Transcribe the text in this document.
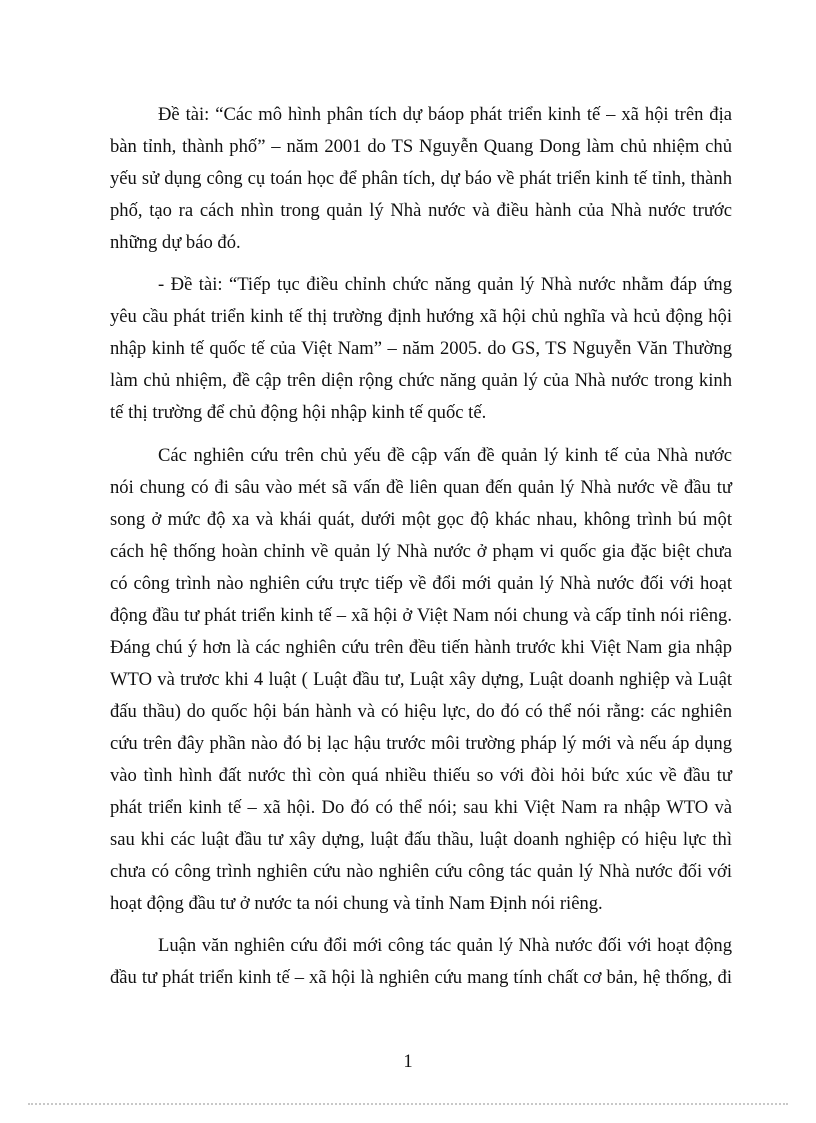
Đề tài: “Các mô hình phân tích dự báop phát triển kinh tế – xã hội trên địa
bàn tỉnh, thành phố” – năm 2001 do TS Nguyễn Quang Dong làm chủ nhiệm chủ
yếu sử dụng công cụ toán học để phân tích, dự báo về phát triển kinh tế tỉnh, thành
phố, tạo ra cách nhìn trong quản lý Nhà nước và điều hành của Nhà nước trước
những dự báo đó.
- Đề tài: “Tiếp tục điều chỉnh chức năng quản lý Nhà nước nhằm đáp ứng
yêu cầu phát triển kinh tế thị trường định hướng xã hội chủ nghĩa và hcủ động hội
nhập kinh tế quốc tế của Việt Nam” – năm 2005. do GS, TS Nguyễn Văn Thường
làm chủ nhiệm, đề cập trên diện rộng chức năng quản lý của Nhà nước trong kinh
tế thị trường để chủ động hội nhập kinh tế quốc tế.
Các nghiên cứu trên chủ yếu đề cập vấn đề quản lý kinh tế của Nhà nước
nói chung có đi sâu vào mét sã vấn đề liên quan đến quản lý Nhà nước về đầu tư
song ở mức độ xa và khái quát, dưới một gọc độ khác nhau, không trình bú một
cách hệ thống hoàn chỉnh về quản lý Nhà nước ở phạm vi quốc gia đặc biệt chưa
có công trình nào nghiên cứu trực tiếp về đổi mới quản lý Nhà nước đối với hoạt
động đầu tư phát triển kinh tế – xã hội ở Việt Nam nói chung và cấp tỉnh nói riêng.
Đáng chú ý hơn là các nghiên cứu trên đều tiến hành trước khi Việt Nam gia nhập
WTO và trươc khi 4 luật ( Luật đầu tư, Luật xây dựng, Luật doanh nghiệp và Luật
đấu thầu) do quốc hội bán hành và có hiệu lực, do đó có thể nói rằng: các nghiên
cứu trên đây phần nào đó bị lạc hậu trước môi trường pháp lý mới và nếu áp dụng
vào tình hình đất nước thì còn quá nhiều thiếu so với đòi hỏi bức xúc về đầu tư
phát triển kinh tế – xã hội. Do đó có thể nói; sau khi Việt Nam ra nhập WTO và
sau khi các luật đầu tư xây dựng, luật đấu thầu, luật doanh nghiệp có hiệu lực thì
chưa có công trình nghiên cứu nào nghiên cứu công tác quản lý Nhà nước đối với
hoạt động đầu tư ở nước ta nói chung và tỉnh Nam Định nói riêng.
Luận văn nghiên cứu đổi mới công tác quản lý Nhà nước đối với hoạt động
đầu tư phát triển kinh tế – xã hội là nghiên cứu mang tính chất cơ bản, hệ thống, đi
1
